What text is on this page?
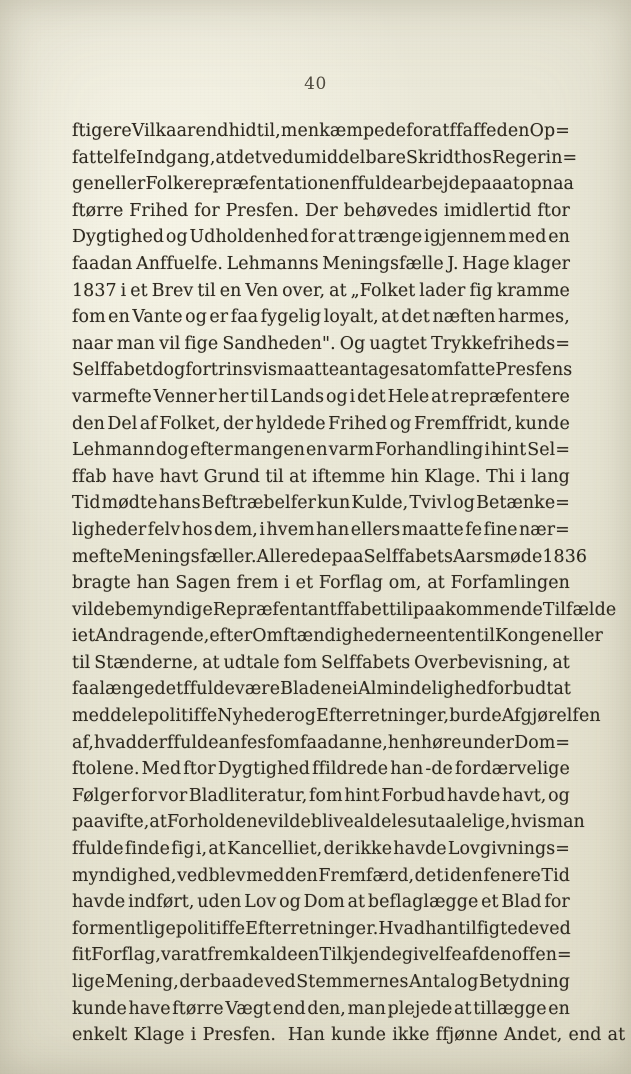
40
ftigere Vilkaar end hidtil, men kæmpede for at ffaffe den Op=
fattelfe Indgang, at det ved umiddelbare Skridt hos Regerin=
gen eller Folkerepræfentationen ffulde arbejde paa at opnaa
ftørre Frihed for Presfen. Der behøvedes imidlertid ftor
Dygtighed og Udholdenhed for at trænge igjennem med en
faadan Anffuelfe. Lehmanns Meningsfælle J. Hage klager
1837 i et Brev til en Ven over, at „Folket lader fig kramme
fom en Vante og er faa fygelig loyalt, at det næften harmes,
naar man vil fige Sandheden". Og uagtet Trykkefriheds=
Selffabet dog fortrinsvis maatte antages at omfatte Presfens
varmefte Venner her til Lands og i det Hele at repræfentere
den Del af Folket, der hyldede Frihed og Fremffridt, kunde
Lehmann dog efter mangen en varm Forhandling i hint Sel=
ffab have havt Grund til at iftemme hin Klage. Thi i lang
Tid mødte hans Beftræbelfer kun Kulde, Tvivl og Betænke=
ligheder felv hos dem, i hvem han ellers maatte fe fine nær=
mefte Meningsfæller. Allerede paa Selffabets Aarsmøde 1836
bragte han Sagen frem i et Forflag om, at Forfamlingen
vilde bemyndige Repræfentantffabet til i paakommende Tilfælde
i et Andragende, efter Omftændighederne enten til Kongen eller
til Stænderne, at udtale fom Selffabets Overbevisning, at
faalænge det ffulde være Bladene i Almindelighed forbudt at
meddele politiffe Nyheder og Efterretninger, burde Afgjørelfen
af, hvad der ffulde anfes fom faadanne, henhøre under Dom=
ftolene. Med ftor Dygtighed ffildrede han -de fordærvelige
Følger for vor Bladliteratur, fom hint Forbud havde havt, og
paavifte, at Forholdene vilde blive aldeles utaalelige, hvis man
ffulde finde fig i, at Kancelliet, der ikke havde Lovgivnings=
myndighed, vedblev med den Fremfærd, det i den fenere Tid
havde indført, uden Lov og Dom at beflaglægge et Blad for
formentlige politiffe Efterretninger. Hvad han tilfigtede ved
fit Forflag, var at fremkalde en Tilkjendegivelfe af den offen=
lige Mening, der baade ved Stemmernes Antal og Betydning
kunde have ftørre Vægt end den, man plejede at tillægge en
enkelt Klage i Presfen. Han kunde ikke ffjønne Andet, end at
